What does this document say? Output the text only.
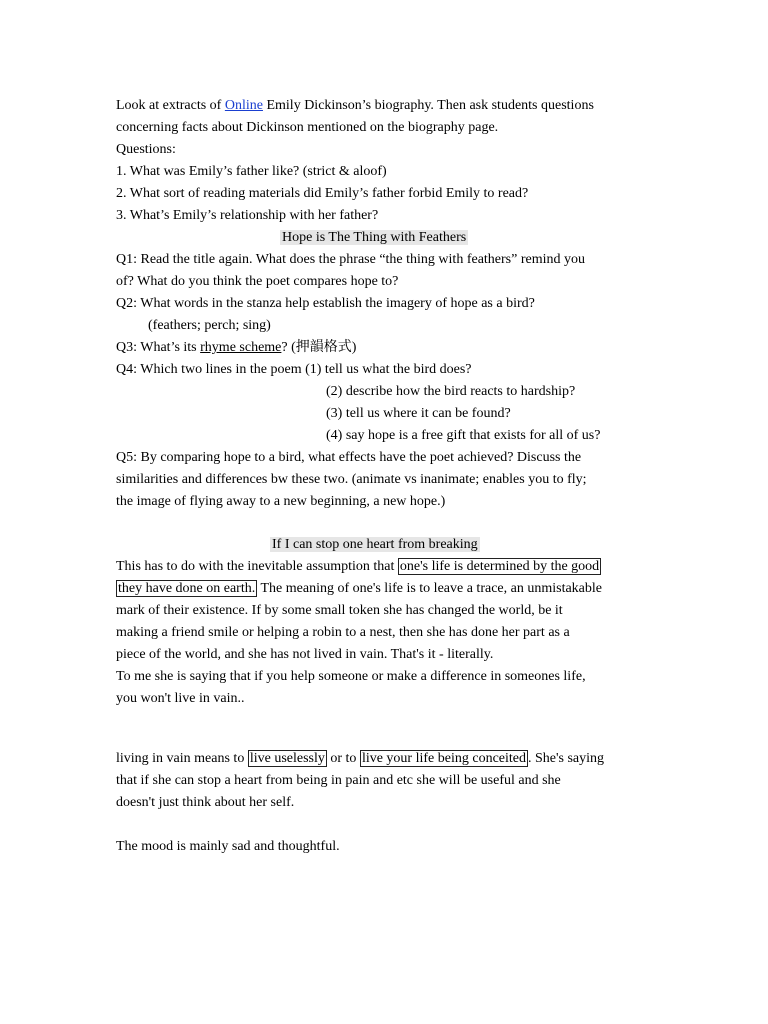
Look at extracts of Online Emily Dickinson’s biography. Then ask students questions
concerning facts about Dickinson mentioned on the biography page.
Questions:
1. What was Emily’s father like? (strict & aloof)
2. What sort of reading materials did Emily’s father forbid Emily to read?
3. What’s Emily’s relationship with her father?
Hope is The Thing with Feathers
Q1: Read the title again. What does the phrase “the thing with feathers” remind you
of? What do you think the poet compares hope to?
Q2: What words in the stanza help establish the imagery of hope as a bird?
(feathers; perch; sing)
Q3: What’s its rhyme scheme? (押韻格式)
Q4: Which two lines in the poem (1) tell us what the bird does?
(2) describe how the bird reacts to hardship?
(3) tell us where it can be found?
(4) say hope is a free gift that exists for all of us?
Q5: By comparing hope to a bird, what effects have the poet achieved? Discuss the
similarities and differences bw these two. (animate vs inanimate; enables you to fly;
the image of flying away to a new beginning, a new hope.)
If I can stop one heart from breaking
This has to do with the inevitable assumption that one's life is determined by the good
they have done on earth. The meaning of one's life is to leave a trace, an unmistakable
mark of their existence. If by some small token she has changed the world, be it
making a friend smile or helping a robin to a nest, then she has done her part as a
piece of the world, and she has not lived in vain. That's it - literally.
To me she is saying that if you help someone or make a difference in someones life,
you won't live in vain..
living in vain means to live uselessly or to live your life being conceited . She's saying
that if she can stop a heart from being in pain and etc she will be useful and she
doesn't just think about her self.
The mood is mainly sad and thoughtful.
